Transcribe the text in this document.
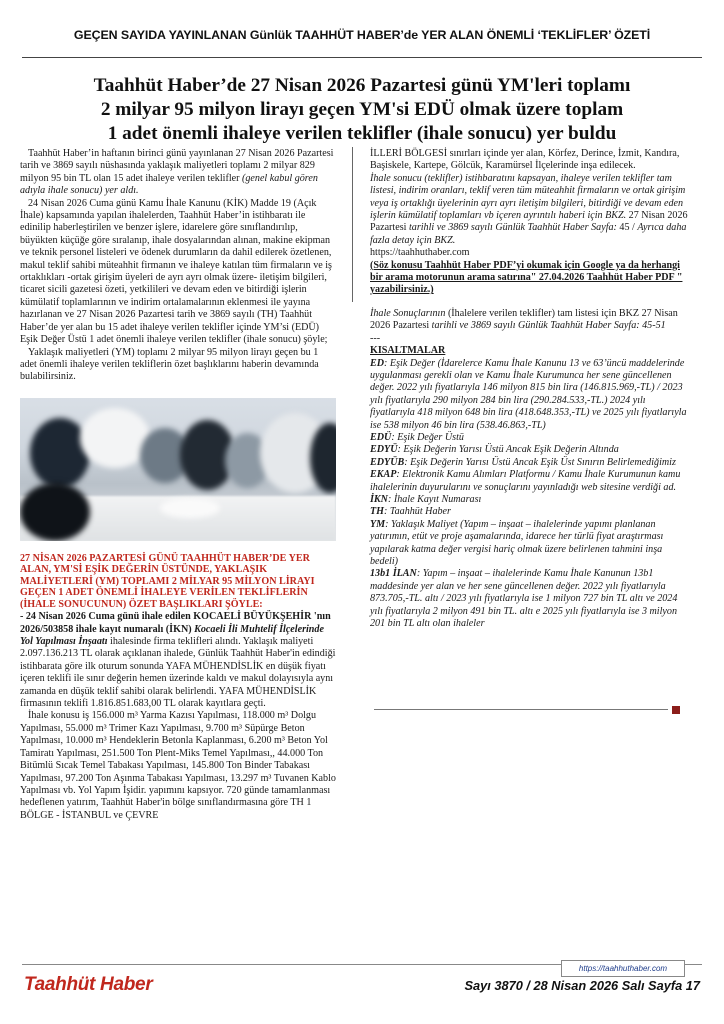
GEÇEN SAYIDA YAYINLANAN Günlük TAAHHÜT HABER’de YER ALAN ÖNEMLİ ‘TEKLİFLER’ ÖZETİ
Taahhüt Haber’de 27 Nisan 2026 Pazartesi günü YM'leri toplamı
2 milyar 95 milyon lirayı geçen YM'si EDÜ olmak üzere toplam
1 adet önemli ihaleye verilen teklifler (ihale sonucu) yer buldu

Taahhüt Haber’in haftanın birinci günü yayınlanan 27 Nisan 2026 Pazartesi tarih ve 3869 sayılı nüshasında yaklaşık maliyetleri toplamı 2 milyar 829 milyon 95 bin TL olan 15 adet ihaleye verilen teklifler (genel kabul gören adıyla ihale sonucu) yer aldı.

24 Nisan 2026 Cuma günü Kamu İhale Kanunu (KİK) Madde 19 (Açık İhale) kapsamında yapılan ihalelerden, Taahhüt Haber’in istihbaratı ile edinilip haberleştirilen ve benzer işlere, idarelere göre sınıflandırılıp, büyükten küçüğe göre sıralanıp, ihale dosyalarından alınan, makine ekipman ve teknik personel listeleri ve ödenek durumların da dahil edilerek özetlenen, makul teklif sahibi müteahhit firmanın ve ihaleye katılan tüm firmaların ve iş ortaklıkları -ortak girişim üyeleri de ayrı ayrı olmak üzere- iletişim bilgileri, ticaret sicili gazetesi özeti, yetkilileri ve devam eden ve bitirdiği işlerin kümülatif toplamlarının ve indirim ortalamalarının eklenmesi ile yayına hazırlanan ve 27 Nisan 2026 Pazartesi tarih ve 3869 sayılı (TH) Taahhüt Haber’de yer alan bu 15 adet ihaleye verilen teklifler içinde YM’si (EDÜ) Eşik Değer Üstü 1 adet önemli ihaleye verilen teklifler (ihale sonucu) şöyle;

Yaklaşık maliyetleri (YM) toplamı 2 milyar 95 milyon lirayı geçen bu 1 adet önemli ihaleye verilen tekliflerin özet başlıklarını haberin devamında bulabilirsiniz.

27 NİSAN 2026 PAZARTESİ GÜNÜ TAAHHÜT HABER’DE YER ALAN, YM'Sİ EŞİK DEĞERİN ÜSTÜNDE, YAKLAŞIK MALİYETLERİ (YM) TOPLAMI 2 MİLYAR 95 MİLYON LİRAYI GEÇEN 1 ADET ÖNEMLİ İHALEYE VERİLEN TEKLİFLERİN (İHALE SONUCUNUN) ÖZET BAŞLIKLARI ŞÖYLE:

- 24 Nisan 2026 Cuma günü ihale edilen KOCAELİ BÜYÜKŞEHİR 'nın 2026/503858 ihale kayıt numaralı (İKN) Kocaeli İli Muhtelif İlçelerinde Yol Yapılması İnşaatı ihalesinde firma teklifleri alındı. Yaklaşık maliyeti 2.097.136.213 TL olarak açıklanan ihalede, Günlük Taahhüt Haber'in edindiği istihbarata göre ilk oturum sonunda YAFA MÜHENDİSLİK en düşük fiyatı içeren teklifi ile sınır değerin hemen üzerinde kaldı ve makul dolayısıyla aynı zamanda en düşük teklif sahibi olarak belirlendi. YAFA MÜHENDİSLİK firmasının teklifi 1.816.851.683,00 TL olarak kayıtlara geçti.

İhale konusu iş 156.000 m³ Yarma Kazısı Yapılması, 118.000 m³ Dolgu Yapılması, 55.000 m³ Trimer Kazı Yapılması, 9.700 m³ Süpürge Beton Yapılması, 10.000 m³ Hendeklerin Betonla Kaplanması, 6.200 m³ Beton Yol Tamiratı Yapılması, 251.500 Ton Plent-Miks Temel Yapılması,, 44.000 Ton Bitümlü Sıcak Temel Tabakası Yapılması, 145.800 Ton Binder Tabakası Yapılması, 97.200 Ton Aşınma Tabakası Yapılması, 13.297 m³ Tuvanen Kablo Yapılması vb. Yol Yapım İşidir. yapımını kapsıyor. 720 günde tamamlanması hedeflenen yatırım, Taahhüt Haber'in bölge sınıflandırmasına göre TH 1 BÖLGE - İSTANBUL ve ÇEVRE

İLLERİ BÖLGESİ sınırları içinde yer alan, Körfez, Derince, İzmit, Kandıra, Başiskele, Kartepe, Gölcük, Karamürsel İlçelerinde inşa edilecek.

İhale sonucu (teklifler) istihbaratını kapsayan, ihaleye verilen teklifler tam listesi, indirim oranları, teklif veren tüm müteahhit firmaların ve ortak girişim veya iş ortaklığı üyelerinin ayrı ayrı iletişim bilgileri, bitirdiği ve devam eden işlerin kümülatif toplamları vb içeren ayrıntılı haberi için BKZ. 27 Nisan 2026 Pazartesi tarihli ve 3869 sayılı Günlük Taahhüt Haber Sayfa: 45 / Ayrıca daha fazla detay için BKZ.

https://taahhuthaber.com

(Söz konusu Taahhüt Haber PDF’yi okumak için Google ya da herhangi bir arama motorunun arama satırına" 27.04.2026 Taahhüt Haber PDF " yazabilirsiniz.)

İhale Sonuçlarının (İhalelere verilen teklifler) tam listesi için BKZ 27 Nisan 2026 Pazartesi tarihli ve 3869 sayılı Günlük Taahhüt Haber Sayfa: 45-51

---

KISALTMALAR

ED: Eşik Değer (İdarelerce Kamu İhale Kanunu 13 ve 63’üncü maddelerinde uygulanması gerekli olan ve Kamu İhale Kurumunca her sene güncellenen değer. 2022 yılı fiyatlarıyla 146 milyon 815 bin lira (146.815.969,-TL) / 2023 yılı fiyatlarıyla 290 milyon 284 bin lira (290.284.533,-TL.) 2024 yılı fiyatlarıyla 418 milyon 648 bin lira (418.648.353,-TL) ve 2025 yılı fiyatlarıyla ise 538 milyon 46 bin lira (538.46.863,-TL)

EDÜ: Eşik Değer Üstü

EDYÜ: Eşik Değerin Yarısı Üstü Ancak Eşik Değerin Altında

EDYÜB: Eşik Değerin Yarısı Üstü Ancak Eşik Üst Sınırın Belirlemediğimiz

EKAP: Elektronik Kamu Alımları Platformu / Kamu İhale Kurumunun kamu ihalelerinin duyurularını ve sonuçlarını yayınladığı web sitesine verdiği ad.

İKN: İhale Kayıt Numarası

TH: Taahhüt Haber

YM: Yaklaşık Maliyet (Yapım – inşaat – ihalelerinde yapımı planlanan yatırımın, etüt ve proje aşamalarında, idarece her türlü fiyat araştırması yapılarak katma değer vergisi hariç olmak üzere belirlenen tahmini inşa bedeli)

13b1 İLAN: Yapım – inşaat – ihalelerinde Kamu İhale Kanunun 13b1 maddesinde yer alan ve her sene güncellenen değer. 2022 yılı fiyatlarıyla 873.705,-TL. altı / 2023 yılı fiyatlarıyla ise 1 milyon 727 bin TL altı ve 2024 yılı fiyatlarıyla 2 milyon 491 bin TL. altı e 2025 yılı fiyatlarıyla ise 3 milyon 201 bin TL altı olan ihaleler

https://taahhuthaber.com
Taahhüt Haber	Sayı 3870 / 28 Nisan 2026 Salı Sayfa 17
